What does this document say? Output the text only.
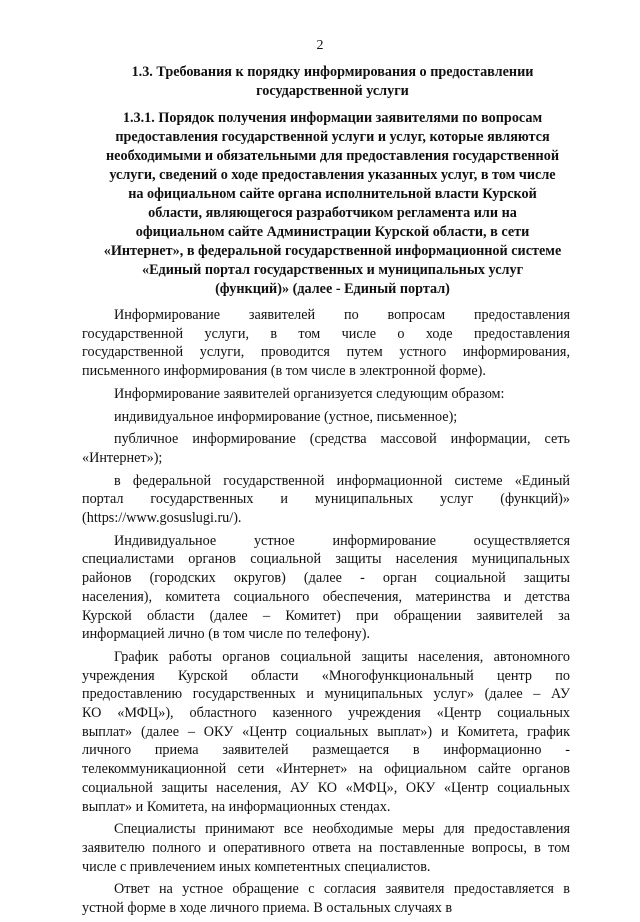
2
1.3. Требования к порядку информирования о предоставлении
государственной услуги
1.3.1. Порядок получения информации заявителями по вопросам
предоставления государственной услуги и услуг, которые являются
необходимыми и обязательными для предоставления государственной
услуги, сведений о ходе предоставления указанных услуг, в том числе
на официальном сайте органа исполнительной власти Курской
области, являющегося разработчиком регламента или на
официальном сайте Администрации Курской области, в сети
«Интернет», в федеральной государственной информационной системе
«Единый портал государственных и муниципальных услуг
(функций)» (далее - Единый портал)

Информирование заявителей по вопросам предоставления
государственной услуги, в том числе о ходе предоставления
государственной услуги, проводится путем устного информирования,
письменного информирования (в том числе в электронной форме).

Информирование заявителей организуется следующим образом:

индивидуальное информирование (устное, письменное);

публичное информирование (средства массовой информации, сеть
«Интернет»);

в федеральной государственной информационной системе «Единый
портал государственных и муниципальных услуг (функций)»
(https://www.gosuslugi.ru/).

Индивидуальное устное информирование осуществляется
специалистами органов социальной защиты населения муниципальных
районов (городских округов) (далее - орган социальной защиты
населения), комитета социального обеспечения, материнства и детства
Курской области (далее – Комитет) при обращении заявителей за
информацией лично (в том числе по телефону).

График работы органов социальной защиты населения, автономного
учреждения Курской области «Многофункциональный центр по
предоставлению государственных и муниципальных услуг» (далее – АУ
КО «МФЦ»), областного казенного учреждения «Центр социальных
выплат» (далее – ОКУ «Центр социальных выплат») и Комитета, график
личного приема заявителей размещается в информационно -
телекоммуникационной сети «Интернет» на официальном сайте органов
социальной защиты населения, АУ КО «МФЦ», ОКУ «Центр социальных
выплат» и Комитета, на информационных стендах.

Специалисты принимают все необходимые меры для предоставления
заявителю полного и оперативного ответа на поставленные вопросы, в том
числе с привлечением иных компетентных специалистов.

Ответ на устное обращение с согласия заявителя предоставляется в
устной форме в ходе личного приема. В остальных случаях в
